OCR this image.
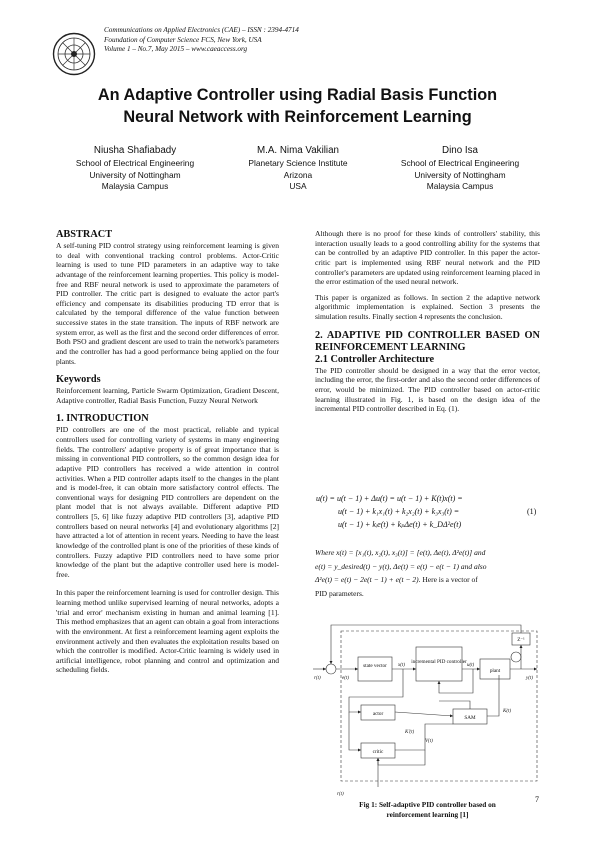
Communications on Applied Electronics (CAE) – ISSN : 2394-4714
Foundation of Computer Science FCS, New York, USA
Volume 1 – No.7, May 2015 – www.caeaccess.org
An Adaptive Controller using Radial Basis Function
Neural Network with Reinforcement Learning
Niusha Shafiabady
School of Electrical Engineering
University of Nottingham
Malaysia Campus
M.A. Nima Vakilian
Planetary Science Institute
Arizona
USA
Dino Isa
School of Electrical Engineering
University of Nottingham
Malaysia Campus
ABSTRACT

A self-tuning PID control strategy using reinforcement learning is given to deal with conventional tracking control problems. Actor-Critic learning is used to tune PID parameters in an adaptive way to take advantage of the reinforcement learning properties. This policy is model-free and RBF neural network is used to approximate the parameters of PID controller. The critic part is designed to evaluate the actor part's efficiency and compensate its disabilities producing TD error that is calculated by the temporal difference of the value function between successive states in the state transition. The inputs of RBF network are system error, as well as the first and the second order differences of error. Both PSO and gradient descent are used to train the network's parameters and the controller has had a good performance being applied on the four plants.

Keywords

Reinforcement learning, Particle Swarm Optimization, Gradient Descent, Adaptive controller, Radial Basis Function, Fuzzy Neural Network

1. INTRODUCTION

PID controllers are one of the most practical, reliable and typical controllers used for controlling variety of systems in many engineering fields. The controllers' adaptive property is of great importance that is missing in conventional PID controllers, so the common design idea for adaptive PID controllers has received a wide attention in control activities. When a PID controller adapts itself to the changes in the plant and is model-free, it can obtain more satisfactory control effects. The conventional ways for designing PID controllers are dependent on the plant model that is not always available. Different adaptive PID controllers [5, 6] like fuzzy adaptive PID controllers [3], adaptive PID controllers based on neural networks [4] and evolutionary algorithms [2] have attracted a lot of attention in recent years. Needing to have the least knowledge of the controlled plant is one of the priorities of these kinds of controllers. Fuzzy adaptive PID controllers need to have some prior knowledge of the plant but the adaptive controller used here is model-free.

In this paper the reinforcement learning is used for controller design. This learning method unlike supervised learning of neural networks, adopts a 'trial and error' mechanism existing in human and animal learning [1]. This method emphasizes that an agent can obtain a goal from interactions with the environment. At first a reinforcement learning agent exploits the environment actively and then evaluates the exploitation results based on which the controller is modified. Actor-Critic learning is widely used in artificial intelligence, robot planning and control and optimization and scheduling fields.

Although there is no proof for these kinds of controllers' stability, this interaction usually leads to a good controlling ability for the systems that can be controlled by an adaptive PID controller. In this paper the actor-critic part is implemented using RBF neural network and the PID controller's parameters are updated using reinforcement learning placed in the error estimation of the used neural network.

This paper is organized as follows. In section 2 the adaptive network algorithmic implementation is explained. Section 3 presents the simulation results. Finally section 4 represents the conclusion.

2. ADAPTIVE PID CONTROLLER BASED ON REINFORCEMENT LEARNING
2.1 Controller Architecture

The PID controller should be designed in a way that the error vector, including the error, the first-order and also the second order differences of error, would be minimized. The PID controller based on actor-critic learning illustrated in Fig. 1, is based on the design idea of the incremental PID controller described in Eq. (1).

u(t) = u(t − 1) + Δu(t) = u(t − 1) + K(t)x(t) =
u(t − 1) + k₁x₁(t) + k₂x₂(t) + k₃x₃(t) =
u(t − 1) + kᵢe(t) + kₚΔe(t) + k_DΔ²e(t)
(1)
Where x(t) = [x₁(t), x₂(t), x₃(t)] = [e(t), Δe(t), Δ²e(t)] and
e(t) = y_desired(t) − y(t), Δe(t) = e(t) − e(t − 1) and also
Δ²e(t) = e(t) − 2e(t − 1) + e(t − 2). Here is a vector of
PID parameters.
state vector
incremental PID controller
plant
Z⁻¹
actor
SAM
critic
r(t)	e(t)
x(t)	u(t)
y(t)
K(t)
K′(t)
V(t)
r(t)
Fig 1: Self-adaptive PID controller based on
reinforcement learning [1]
7
